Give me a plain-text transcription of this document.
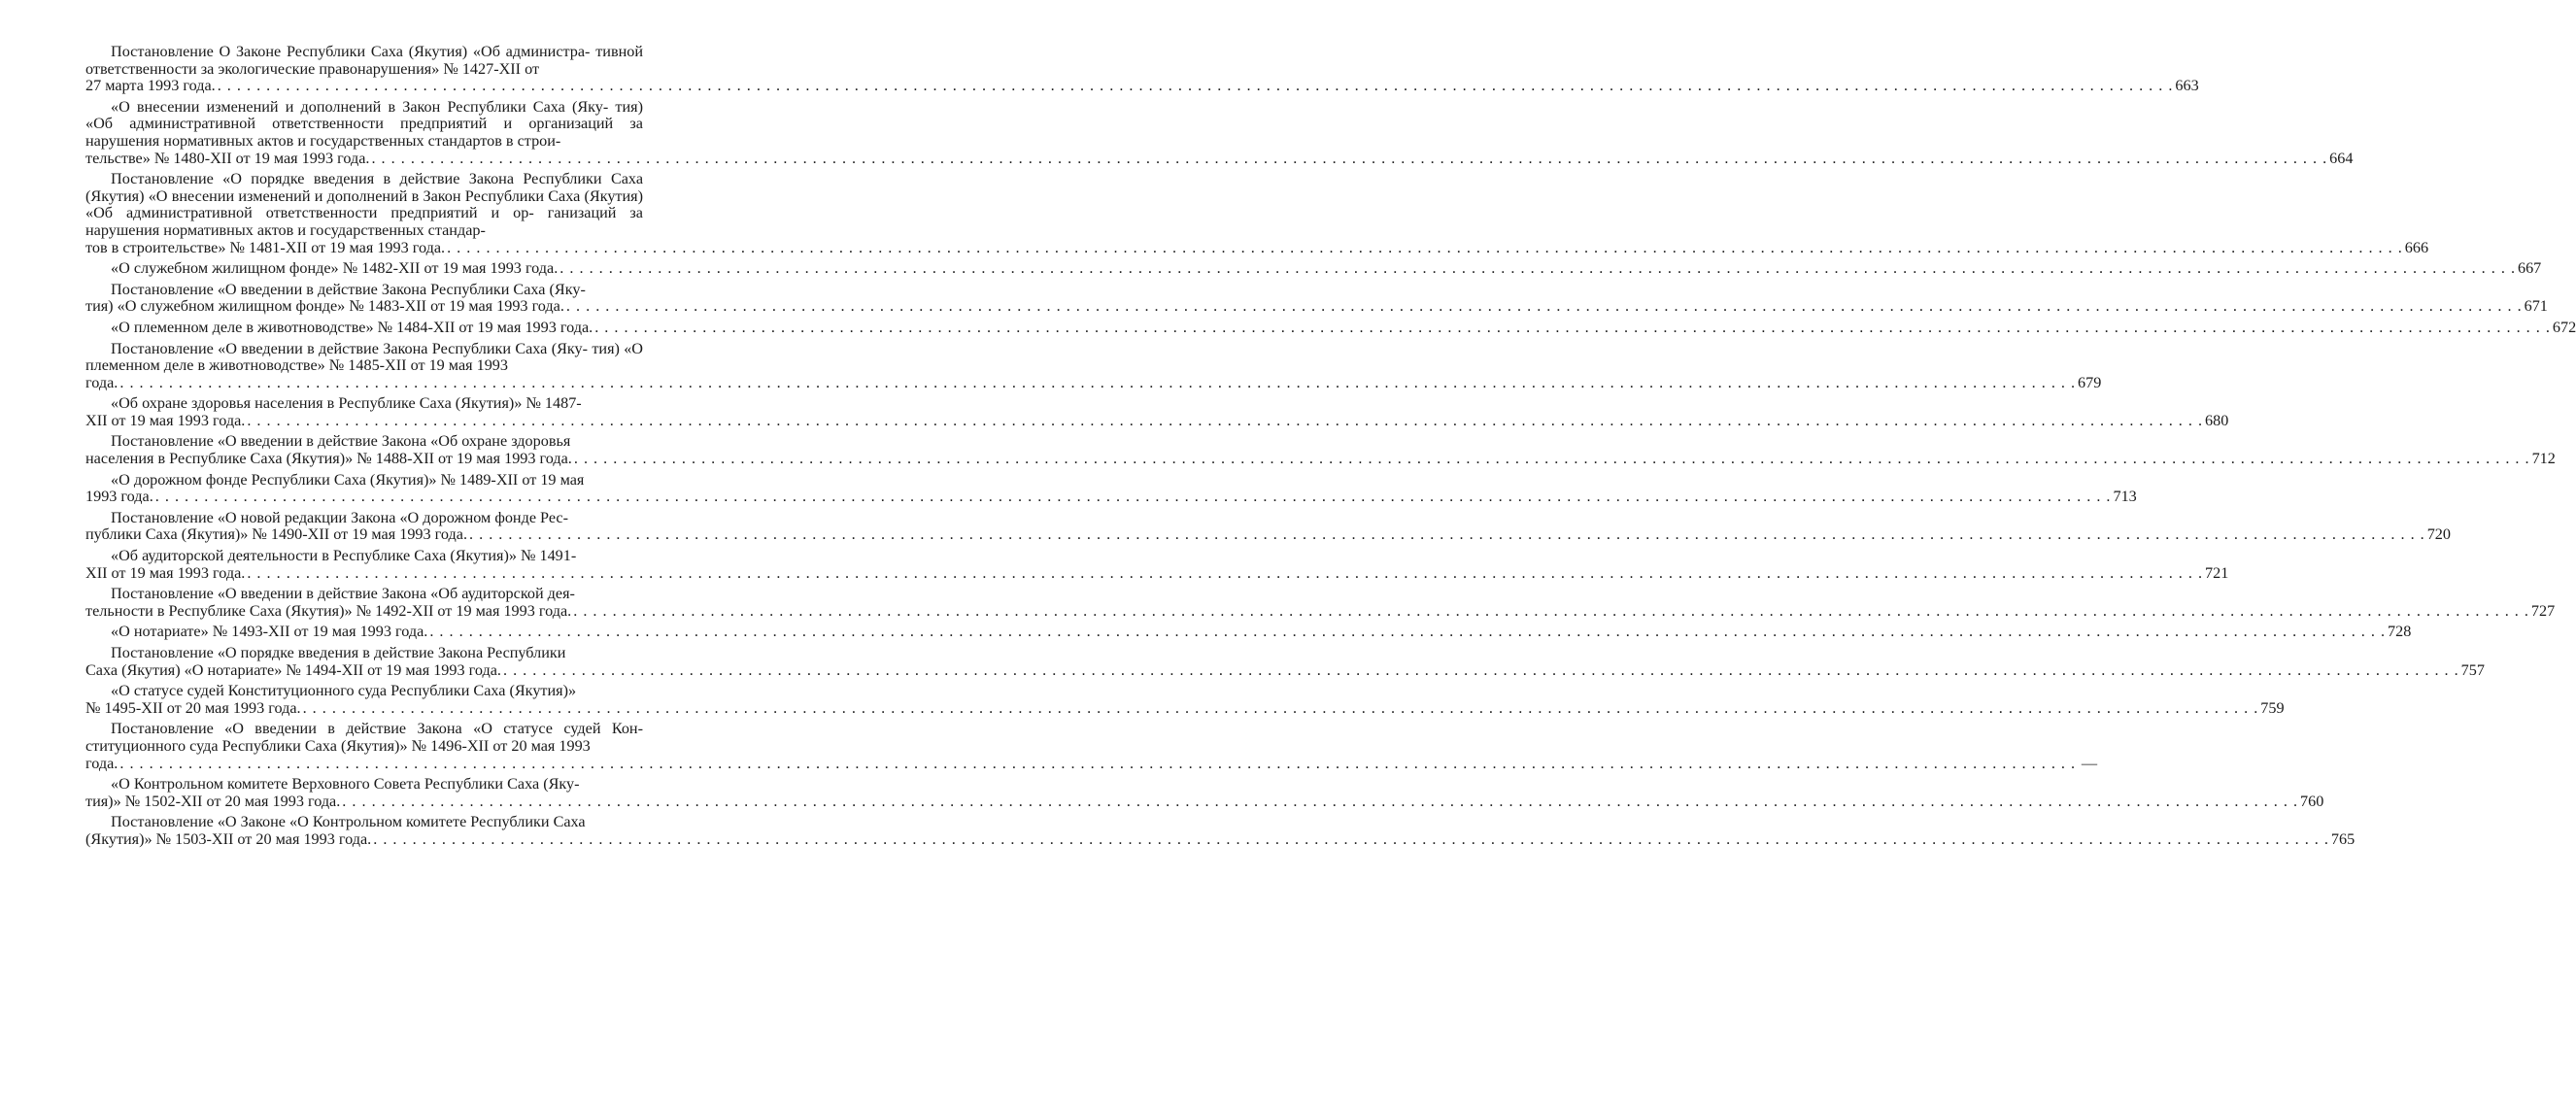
Постановление О Законе Республики Саха (Якутия) «Об администра- тивной ответственности за экологические правонарушения» № 1427-XII от
27 марта 1993 года. . . . . . . . . . . . . . . . . . . . . . . . . . . . . . . . . . . . . . . . . . . . . . . . . . . . . . . . . . . . . . . . . . . . . . . . . . . . . . . . . . . . . . . . . . . . . . . . . . . . . . . . . . . . . . . . . . . . . . . . . . . . . . . . . . . . . . . . . . . . . . . . . . . . . . . . . . . . . . . . . . . . . . . . . . . . . . . . . . . . . . . . . . . . . . . . . . . . . . . . . 663
«О внесении изменений и дополнений в Закон Республики Саха (Яку- тия) «Об административной ответственности предприятий и организаций за нарушения нормативных актов и государственных стандартов в строи-
тельстве» № 1480-XII от 19 мая 1993 года. . . . . . . . . . . . . . . . . . . . . . . . . . . . . . . . . . . . . . . . . . . . . . . . . . . . . . . . . . . . . . . . . . . . . . . . . . . . . . . . . . . . . . . . . . . . . . . . . . . . . . . . . . . . . . . . . . . . . . . . . . . . . . . . . . . . . . . . . . . . . . . . . . . . . . . . . . . . . . . . . . . . . . . . . . . . . . . . . . . . . . . . . . . . . . . . . . . . . . . . . 664
Постановление «О порядке введения в действие Закона Республики Саха (Якутия) «О внесении изменений и дополнений в Закон Республики Саха (Якутия) «Об административной ответственности предприятий и ор- ганизаций за нарушения нормативных актов и государственных стандар-
тов в строительстве» № 1481-XII от 19 мая 1993 года. . . . . . . . . . . . . . . . . . . . . . . . . . . . . . . . . . . . . . . . . . . . . . . . . . . . . . . . . . . . . . . . . . . . . . . . . . . . . . . . . . . . . . . . . . . . . . . . . . . . . . . . . . . . . . . . . . . . . . . . . . . . . . . . . . . . . . . . . . . . . . . . . . . . . . . . . . . . . . . . . . . . . . . . . . . . . . . . . . . . . . . . . . . . . . . . . . . . . . . . . 666
«О служебном жилищном фонде» № 1482-XII от 19 мая 1993 года. . . . . . . . . . . . . . . . . . . . . . . . . . . . . . . . . . . . . . . . . . . . . . . . . . . . . . . . . . . . . . . . . . . . . . . . . . . . . . . . . . . . . . . . . . . . . . . . . . . . . . . . . . . . . . . . . . . . . . . . . . . . . . . . . . . . . . . . . . . . . . . . . . . . . . . . . . . . . . . . . . . . . . . . . . . . . . . . . . . . . . . . . . . . . . . . . . . . . . . . . 667
Постановление «О введении в действие Закона Республики Саха (Яку-
тия) «О служебном жилищном фонде» № 1483-XII от 19 мая 1993 года. . . . . . . . . . . . . . . . . . . . . . . . . . . . . . . . . . . . . . . . . . . . . . . . . . . . . . . . . . . . . . . . . . . . . . . . . . . . . . . . . . . . . . . . . . . . . . . . . . . . . . . . . . . . . . . . . . . . . . . . . . . . . . . . . . . . . . . . . . . . . . . . . . . . . . . . . . . . . . . . . . . . . . . . . . . . . . . . . . . . . . . . . . . . . . . . . . . . . . . . . 671
«О племенном деле в животноводстве» № 1484-XII от 19 мая 1993 года. . . . . . . . . . . . . . . . . . . . . . . . . . . . . . . . . . . . . . . . . . . . . . . . . . . . . . . . . . . . . . . . . . . . . . . . . . . . . . . . . . . . . . . . . . . . . . . . . . . . . . . . . . . . . . . . . . . . . . . . . . . . . . . . . . . . . . . . . . . . . . . . . . . . . . . . . . . . . . . . . . . . . . . . . . . . . . . . . . . . . . . . . . . . . . . . . . . . . . . . . 672
Постановление «О введении в действие Закона Республики Саха (Яку- тия) «О племенном деле в животноводстве» № 1485-XII от 19 мая 1993
года. . . . . . . . . . . . . . . . . . . . . . . . . . . . . . . . . . . . . . . . . . . . . . . . . . . . . . . . . . . . . . . . . . . . . . . . . . . . . . . . . . . . . . . . . . . . . . . . . . . . . . . . . . . . . . . . . . . . . . . . . . . . . . . . . . . . . . . . . . . . . . . . . . . . . . . . . . . . . . . . . . . . . . . . . . . . . . . . . . . . . . . . . . . . . . . . . . . . . . . . . 679
«Об охране здоровья населения в Республике Саха (Якутия)» № 1487-
XII от 19 мая 1993 года. . . . . . . . . . . . . . . . . . . . . . . . . . . . . . . . . . . . . . . . . . . . . . . . . . . . . . . . . . . . . . . . . . . . . . . . . . . . . . . . . . . . . . . . . . . . . . . . . . . . . . . . . . . . . . . . . . . . . . . . . . . . . . . . . . . . . . . . . . . . . . . . . . . . . . . . . . . . . . . . . . . . . . . . . . . . . . . . . . . . . . . . . . . . . . . . . . . . . . . . . 680
Постановление «О введении в действие Закона «Об охране здоровья
населения в Республике Саха (Якутия)» № 1488-XII от 19 мая 1993 года. . . . . . . . . . . . . . . . . . . . . . . . . . . . . . . . . . . . . . . . . . . . . . . . . . . . . . . . . . . . . . . . . . . . . . . . . . . . . . . . . . . . . . . . . . . . . . . . . . . . . . . . . . . . . . . . . . . . . . . . . . . . . . . . . . . . . . . . . . . . . . . . . . . . . . . . . . . . . . . . . . . . . . . . . . . . . . . . . . . . . . . . . . . . . . . . . . . . . . . . . 712
«О дорожном фонде Республики Саха (Якутия)» № 1489-XII от 19 мая
1993 года. . . . . . . . . . . . . . . . . . . . . . . . . . . . . . . . . . . . . . . . . . . . . . . . . . . . . . . . . . . . . . . . . . . . . . . . . . . . . . . . . . . . . . . . . . . . . . . . . . . . . . . . . . . . . . . . . . . . . . . . . . . . . . . . . . . . . . . . . . . . . . . . . . . . . . . . . . . . . . . . . . . . . . . . . . . . . . . . . . . . . . . . . . . . . . . . . . . . . . . . . 713
Постановление «О новой редакции Закона «О дорожном фонде Рес-
публики Саха (Якутия)» № 1490-XII от 19 мая 1993 года. . . . . . . . . . . . . . . . . . . . . . . . . . . . . . . . . . . . . . . . . . . . . . . . . . . . . . . . . . . . . . . . . . . . . . . . . . . . . . . . . . . . . . . . . . . . . . . . . . . . . . . . . . . . . . . . . . . . . . . . . . . . . . . . . . . . . . . . . . . . . . . . . . . . . . . . . . . . . . . . . . . . . . . . . . . . . . . . . . . . . . . . . . . . . . . . . . . . . . . . . 720
«Об аудиторской деятельности в Республике Саха (Якутия)» № 1491-
XII от 19 мая 1993 года. . . . . . . . . . . . . . . . . . . . . . . . . . . . . . . . . . . . . . . . . . . . . . . . . . . . . . . . . . . . . . . . . . . . . . . . . . . . . . . . . . . . . . . . . . . . . . . . . . . . . . . . . . . . . . . . . . . . . . . . . . . . . . . . . . . . . . . . . . . . . . . . . . . . . . . . . . . . . . . . . . . . . . . . . . . . . . . . . . . . . . . . . . . . . . . . . . . . . . . . . 721
Постановление «О введении в действие Закона «Об аудиторской дея-
тельности в Республике Саха (Якутия)» № 1492-XII от 19 мая 1993 года. . . . . . . . . . . . . . . . . . . . . . . . . . . . . . . . . . . . . . . . . . . . . . . . . . . . . . . . . . . . . . . . . . . . . . . . . . . . . . . . . . . . . . . . . . . . . . . . . . . . . . . . . . . . . . . . . . . . . . . . . . . . . . . . . . . . . . . . . . . . . . . . . . . . . . . . . . . . . . . . . . . . . . . . . . . . . . . . . . . . . . . . . . . . . . . . . . . . . . . . . 727
«О нотариате» № 1493-XII от 19 мая 1993 года. . . . . . . . . . . . . . . . . . . . . . . . . . . . . . . . . . . . . . . . . . . . . . . . . . . . . . . . . . . . . . . . . . . . . . . . . . . . . . . . . . . . . . . . . . . . . . . . . . . . . . . . . . . . . . . . . . . . . . . . . . . . . . . . . . . . . . . . . . . . . . . . . . . . . . . . . . . . . . . . . . . . . . . . . . . . . . . . . . . . . . . . . . . . . . . . . . . . . . . . . 728
Постановление «О порядке введения в действие Закона Республики
Саха (Якутия) «О нотариате» № 1494-XII от 19 мая 1993 года. . . . . . . . . . . . . . . . . . . . . . . . . . . . . . . . . . . . . . . . . . . . . . . . . . . . . . . . . . . . . . . . . . . . . . . . . . . . . . . . . . . . . . . . . . . . . . . . . . . . . . . . . . . . . . . . . . . . . . . . . . . . . . . . . . . . . . . . . . . . . . . . . . . . . . . . . . . . . . . . . . . . . . . . . . . . . . . . . . . . . . . . . . . . . . . . . . . . . . . . . 757
«О статусе судей Конституционного суда Республики Саха (Якутия)»
№ 1495-XII от 20 мая 1993 года. . . . . . . . . . . . . . . . . . . . . . . . . . . . . . . . . . . . . . . . . . . . . . . . . . . . . . . . . . . . . . . . . . . . . . . . . . . . . . . . . . . . . . . . . . . . . . . . . . . . . . . . . . . . . . . . . . . . . . . . . . . . . . . . . . . . . . . . . . . . . . . . . . . . . . . . . . . . . . . . . . . . . . . . . . . . . . . . . . . . . . . . . . . . . . . . . . . . . . . . . 759
Постановление «О введении в действие Закона «О статусе судей Кон- ституционного суда Республики Саха (Якутия)» № 1496-XII от 20 мая 1993
года. . . . . . . . . . . . . . . . . . . . . . . . . . . . . . . . . . . . . . . . . . . . . . . . . . . . . . . . . . . . . . . . . . . . . . . . . . . . . . . . . . . . . . . . . . . . . . . . . . . . . . . . . . . . . . . . . . . . . . . . . . . . . . . . . . . . . . . . . . . . . . . . . . . . . . . . . . . . . . . . . . . . . . . . . . . . . . . . . . . . . . . . . . . . . . . . . . . . . . . . . —
«О Контрольном комитете Верховного Совета Республики Саха (Яку-
тия)» № 1502-XII от 20 мая 1993 года. . . . . . . . . . . . . . . . . . . . . . . . . . . . . . . . . . . . . . . . . . . . . . . . . . . . . . . . . . . . . . . . . . . . . . . . . . . . . . . . . . . . . . . . . . . . . . . . . . . . . . . . . . . . . . . . . . . . . . . . . . . . . . . . . . . . . . . . . . . . . . . . . . . . . . . . . . . . . . . . . . . . . . . . . . . . . . . . . . . . . . . . . . . . . . . . . . . . . . . . . 760
Постановление «О Законе «О Контрольном комитете Республики Саха
(Якутия)» № 1503-XII от 20 мая 1993 года. . . . . . . . . . . . . . . . . . . . . . . . . . . . . . . . . . . . . . . . . . . . . . . . . . . . . . . . . . . . . . . . . . . . . . . . . . . . . . . . . . . . . . . . . . . . . . . . . . . . . . . . . . . . . . . . . . . . . . . . . . . . . . . . . . . . . . . . . . . . . . . . . . . . . . . . . . . . . . . . . . . . . . . . . . . . . . . . . . . . . . . . . . . . . . . . . . . . . . . . . 765
